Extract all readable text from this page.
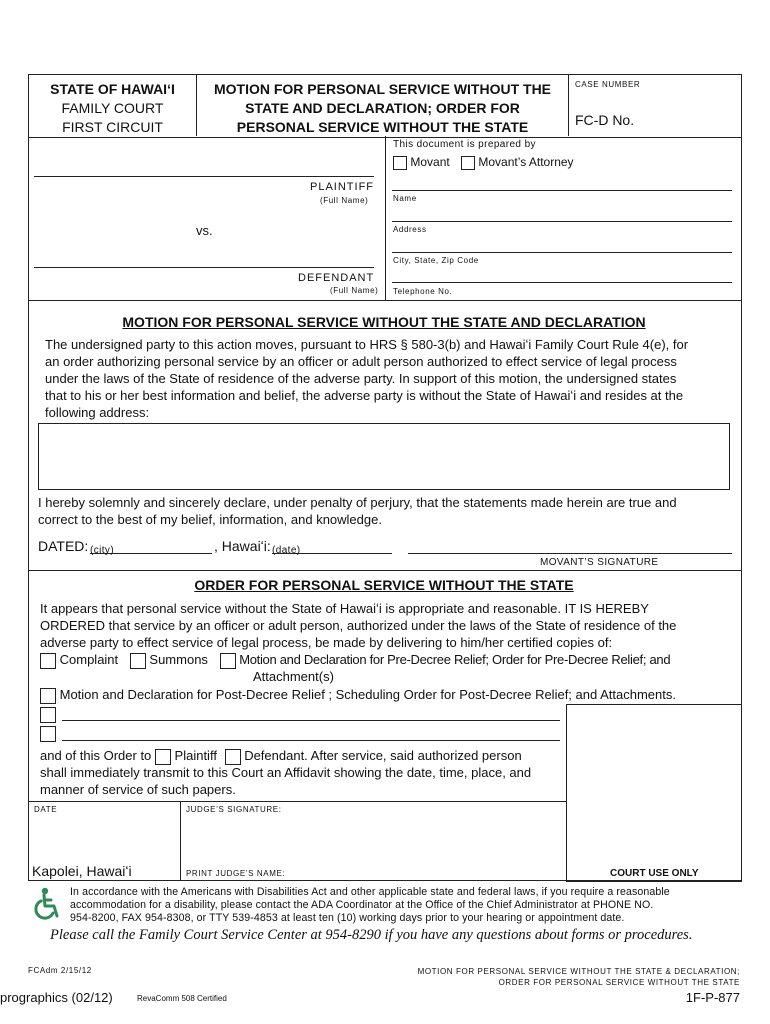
STATE OF HAWAIʻI
FAMILY COURT
FIRST CIRCUIT
MOTION FOR PERSONAL SERVICE WITHOUT THE
STATE AND DECLARATION; ORDER FOR
PERSONAL SERVICE WITHOUT THE STATE
CASE NUMBER
FC-D No.
PLAINTIFF
(Full Name)
vs.
DEFENDANT
(Full Name)
This document is prepared by
Movant Movant’s Attorney
Name
Address
City, State, Zip Code
Telephone No.
MOTION FOR PERSONAL SERVICE WITHOUT THE STATE AND DECLARATION
The undersigned party to this action moves, pursuant to HRS § 580-3(b) and Hawaiʻi Family Court Rule 4(e), for
an order authorizing personal service by an officer or adult person authorized to effect service of legal process
under the laws of the State of residence of the adverse party. In support of this motion, the undersigned states
that to his or her best information and belief, the adverse party is without the State of Hawaiʻi and resides at the
following address:
I hereby solemnly and sincerely declare, under penalty of perjury, that the statements made herein are true and
correct to the best of my belief, information, and knowledge.
DATED: (city)	, Hawaiʻi: (date)
MOVANT’S SIGNATURE
ORDER FOR PERSONAL SERVICE WITHOUT THE STATE
It appears that personal service without the State of Hawaiʻi is appropriate and reasonable. IT IS HEREBY
ORDERED that service by an officer or adult person, authorized under the laws of the State of residence of the
adverse party to effect service of legal process, be made by delivering to him/her certified copies of:
Complaint Summons Motion and Declaration for Pre-Decree Relief; Order for Pre-Decree Relief; and
Attachment(s)
Motion and Declaration for Post-Decree Relief ; Scheduling Order for Post-Decree Relief; and Attachments.
and of this Order to Plaintiff Defendant. After service, said authorized person
shall immediately transmit to this Court an Affidavit showing the date, time, place, and
manner of service of such papers.
COURT USE ONLY
DATE	JUDGE’S SIGNATURE:
Kapolei, Hawaiʻi	PRINT JUDGE’S NAME:
In accordance with the Americans with Disabilities Act and other applicable state and federal laws, if you require a reasonable
accommodation for a disability, please contact the ADA Coordinator at the Office of the Chief Administrator at PHONE NO.
954-8200, FAX 954-8308, or TTY 539-4853 at least ten (10) working days prior to your hearing or appointment date.
Please call the Family Court Service Center at 954-8290 if you have any questions about forms or procedures.
FCAdm 2/15/12	MOTION FOR PERSONAL SERVICE WITHOUT THE STATE & DECLARATION;
ORDER FOR PERSONAL SERVICE WITHOUT THE STATE
prographics (02/12)	RevaComm 508 Certified	1F-P-877
